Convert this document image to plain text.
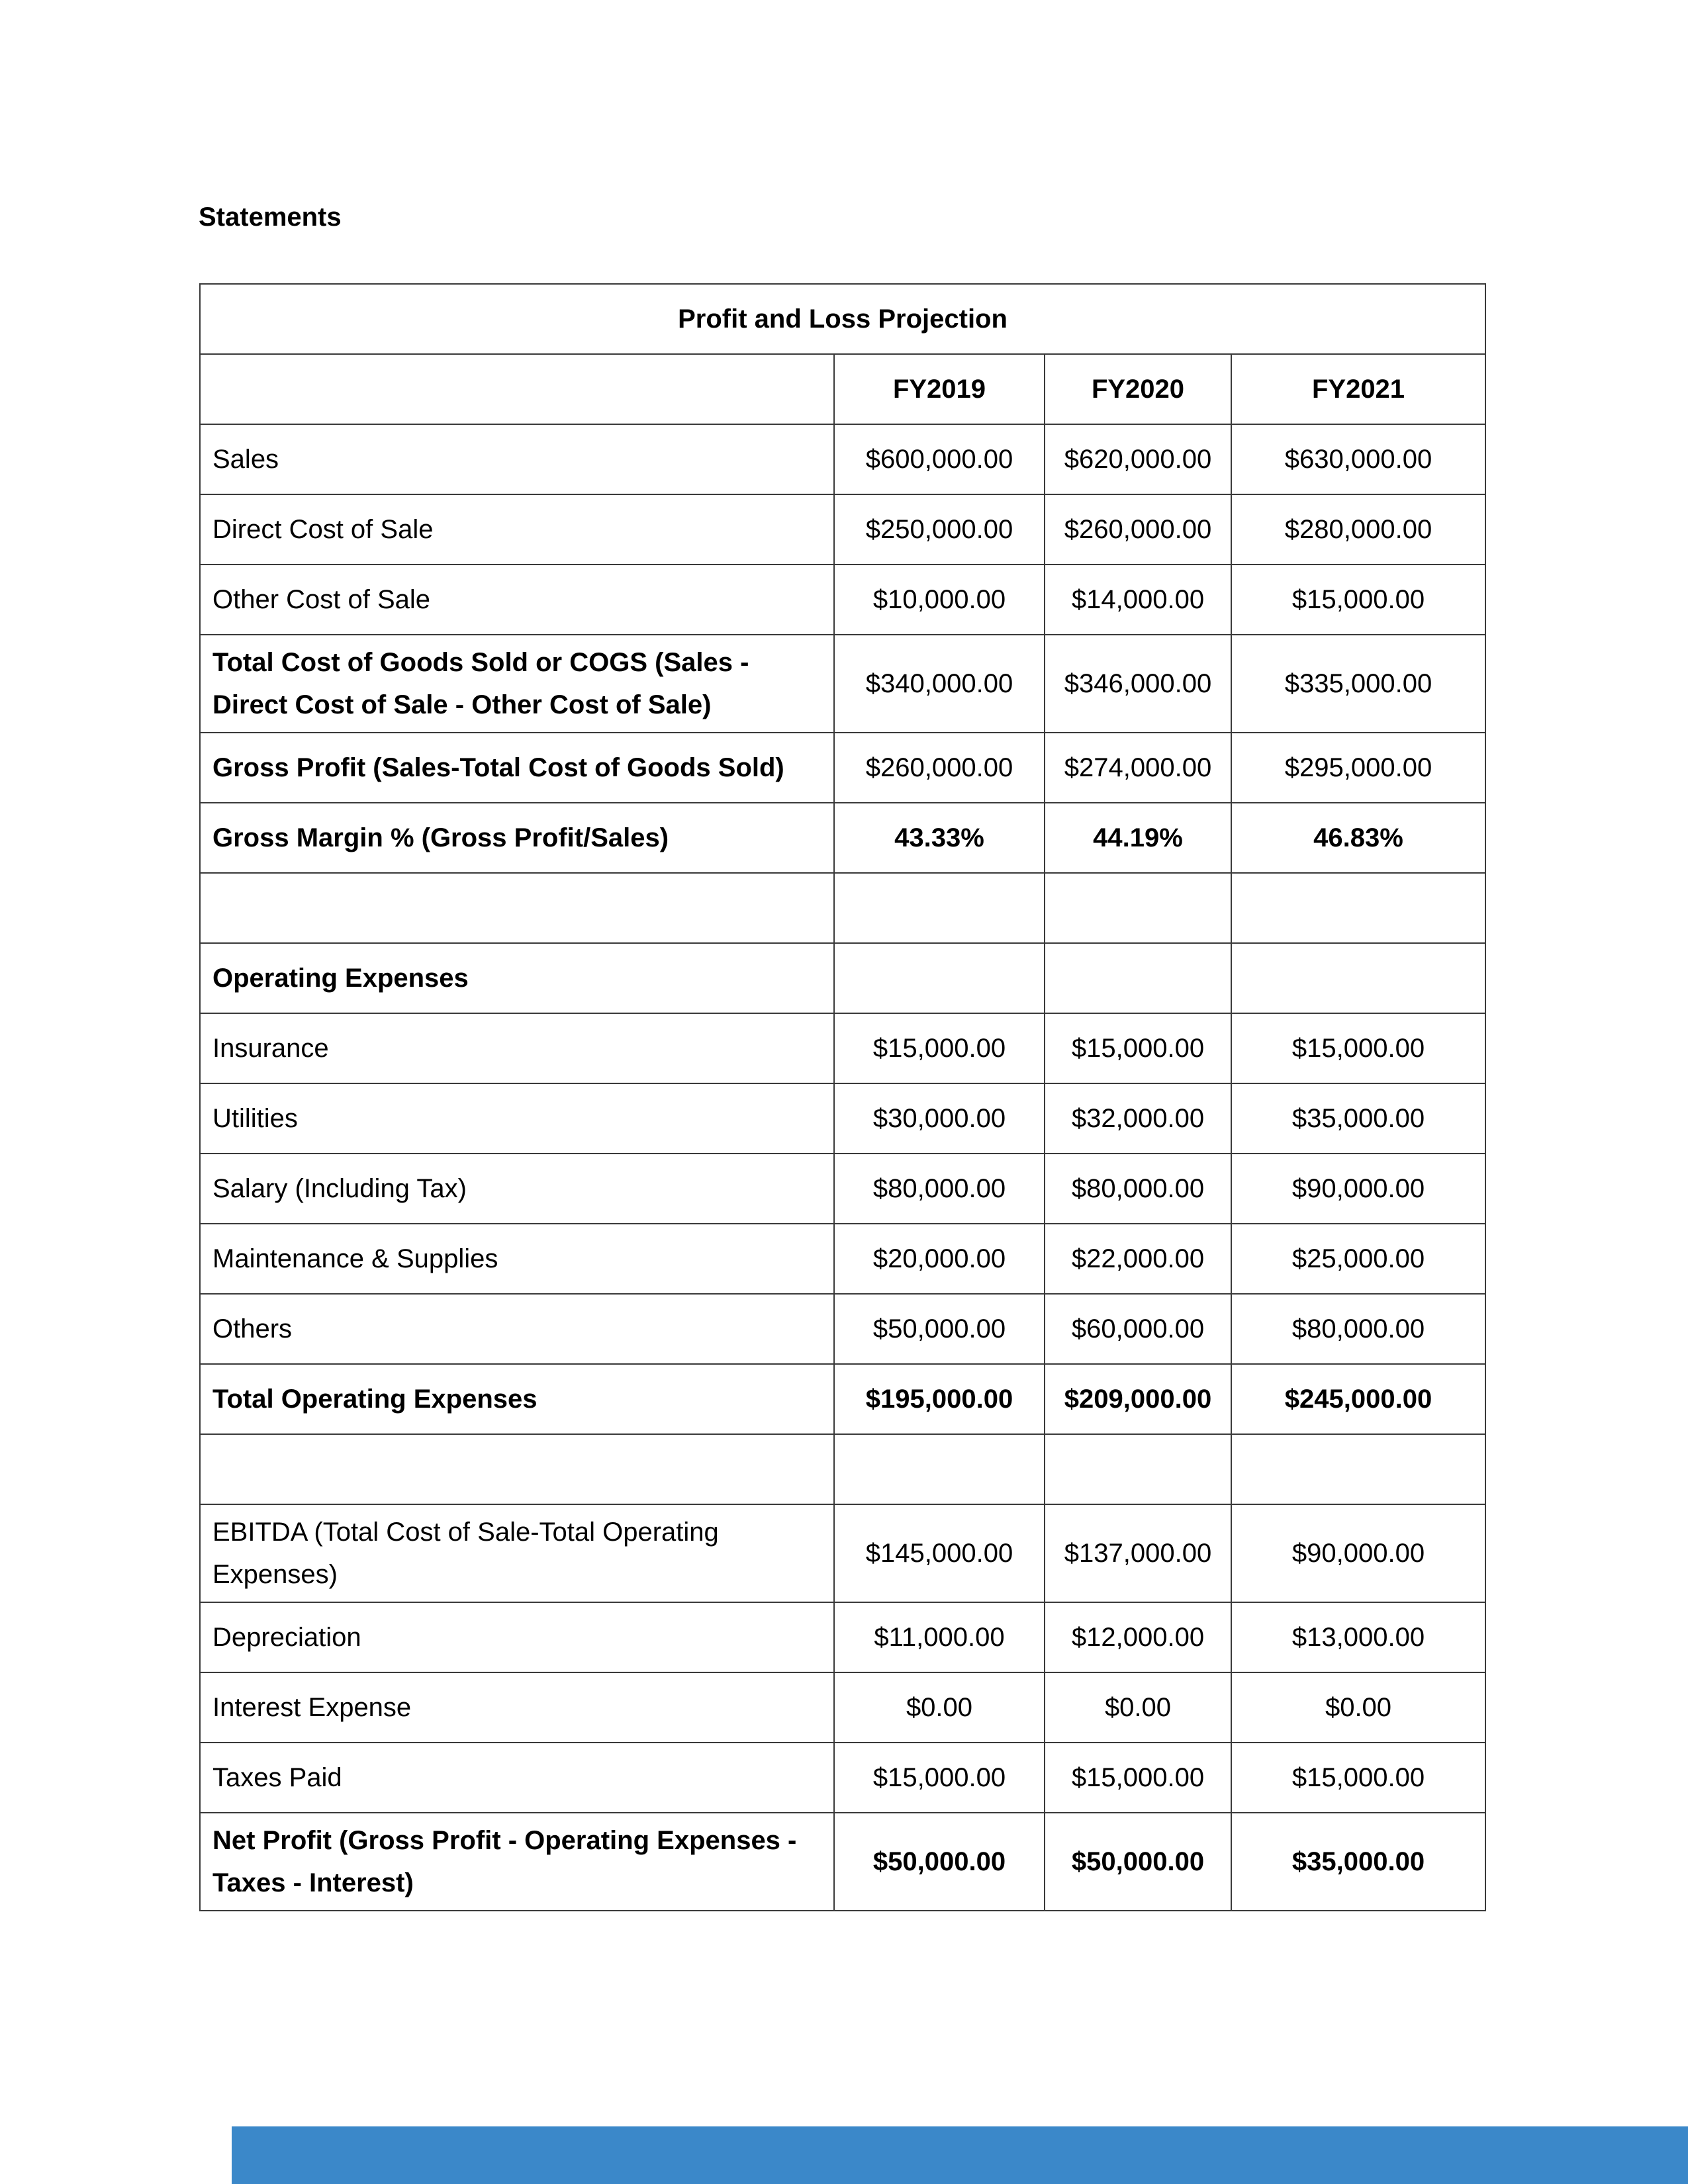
Statements
Profit and Loss Projection			
	FY2019	FY2020	FY2021
Sales	$600,000.00	$620,000.00	$630,000.00
Direct Cost of Sale	$250,000.00	$260,000.00	$280,000.00
Other Cost of Sale	$10,000.00	$14,000.00	$15,000.00
Total Cost of Goods Sold or COGS (Sales - Direct Cost of Sale - Other Cost of Sale)	$340,000.00	$346,000.00	$335,000.00
Gross Profit (Sales-Total Cost of Goods Sold)	$260,000.00	$274,000.00	$295,000.00
Gross Margin % (Gross Profit/Sales)	43.33%	44.19%	46.83%

Operating Expenses			
Insurance	$15,000.00	$15,000.00	$15,000.00
Utilities	$30,000.00	$32,000.00	$35,000.00
Salary (Including Tax)	$80,000.00	$80,000.00	$90,000.00
Maintenance & Supplies	$20,000.00	$22,000.00	$25,000.00
Others	$50,000.00	$60,000.00	$80,000.00
Total Operating Expenses	$195,000.00	$209,000.00	$245,000.00

EBITDA (Total Cost of Sale-Total Operating Expenses)	$145,000.00	$137,000.00	$90,000.00
Depreciation	$11,000.00	$12,000.00	$13,000.00
Interest Expense	$0.00	$0.00	$0.00
Taxes Paid	$15,000.00	$15,000.00	$15,000.00
Net Profit (Gross Profit - Operating Expenses - Taxes - Interest)	$50,000.00	$50,000.00	$35,000.00
